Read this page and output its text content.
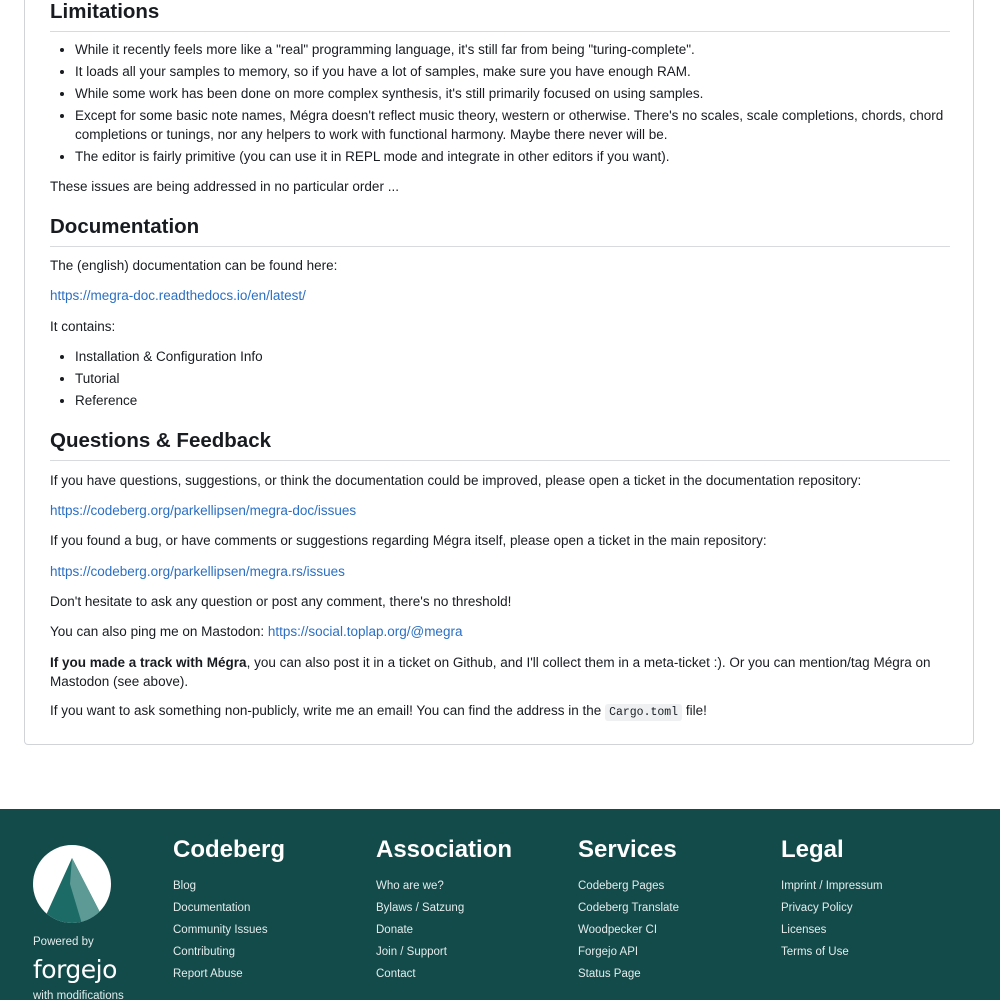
Limitations
• While it recently feels more like a "real" programming language, it's still far from being "turing-complete".
• It loads all your samples to memory, so if you have a lot of samples, make sure you have enough RAM.
• While some work has been done on more complex synthesis, it's still primarily focused on using samples.
• Except for some basic note names, Mégra doesn't reflect music theory, western or otherwise. There's no scales, scale completions, chords, chord completions or tunings, nor any helpers to work with functional harmony. Maybe there never will be.
• The editor is fairly primitive (you can use it in REPL mode and integrate in other editors if you want).

These issues are being addressed in no particular order ...

Documentation

The (english) documentation can be found here:

https://megra-doc.readthedocs.io/en/latest/

It contains:

• Installation & Configuration Info
• Tutorial
• Reference
Questions & Feedback

If you have questions, suggestions, or think the documentation could be improved, please open a ticket in the documentation repository:

https://codeberg.org/parkellipsen/megra-doc/issues

If you found a bug, or have comments or suggestions regarding Mégra itself, please open a ticket in the main repository:

https://codeberg.org/parkellipsen/megra.rs/issues

Don't hesitate to ask any question or post any comment, there's no threshold!

You can also ping me on Mastodon: https://social.toplap.org/@megra

If you made a track with Mégra, you can also post it in a ticket on Github, and I'll collect them in a meta-ticket :). Or you can mention/tag Mégra on Mastodon (see above).

If you want to ask something non-publicly, write me an email! You can find the address in the Cargo.toml file!

Powered by
forgejo
with modifications
Codeberg
Blog
Documentation
Community Issues
Contributing
Report Abuse
Association
Who are we?
Bylaws / Satzung
Donate
Join / Support
Contact
Services
Codeberg Pages
Codeberg Translate
Woodpecker CI
Forgejo API
Status Page
Legal
Imprint / Impressum
Privacy Policy
Licenses
Terms of Use
